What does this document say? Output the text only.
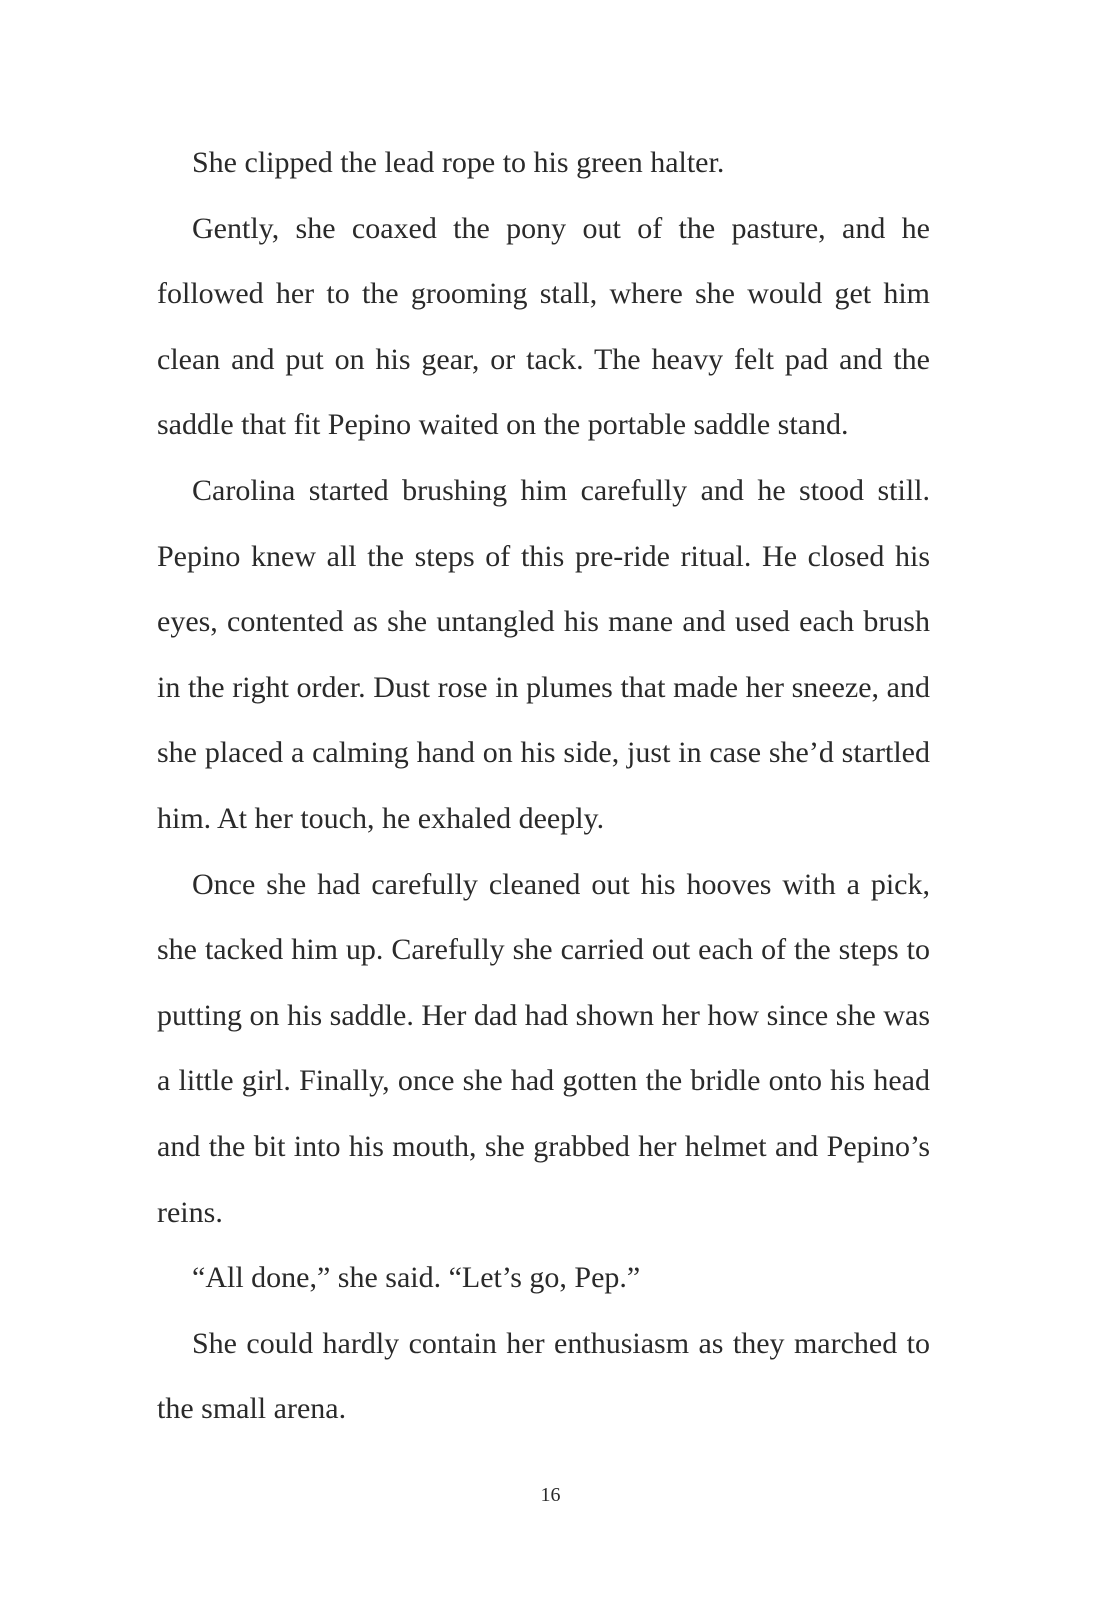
She clipped the lead rope to his green halter.

Gently, she coaxed the pony out of the pasture, and he followed her to the grooming stall, where she would get him clean and put on his gear, or tack. The heavy felt pad and the saddle that fit Pepino waited on the portable saddle stand.

Carolina started brushing him carefully and he stood still. Pepino knew all the steps of this pre-ride ritual. He closed his eyes, contented as she untangled his mane and used each brush in the right order. Dust rose in plumes that made her sneeze, and she placed a calming hand on his side, just in case she’d startled him. At her touch, he exhaled deeply.

Once she had carefully cleaned out his hooves with a pick, she tacked him up. Carefully she carried out each of the steps to putting on his saddle. Her dad had shown her how since she was a little girl. Finally, once she had gotten the bridle onto his head and the bit into his mouth, she grabbed her helmet and Pepino’s reins.

“All done,” she said. “Let’s go, Pep.”

She could hardly contain her enthusiasm as they marched to the small arena.

16
